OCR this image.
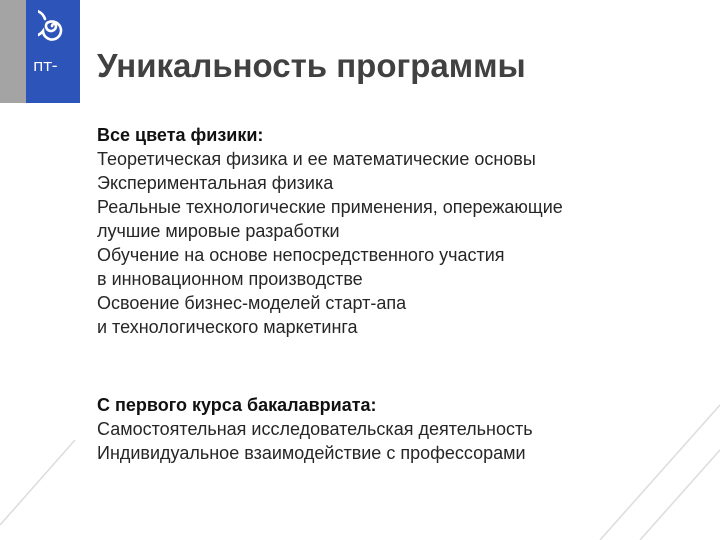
пт- Уникальность программы
Все цвета физики:
Теоретическая физика и ее математические основы
Экспериментальная физика
Реальные технологические применения, опережающие
лучшие мировые разработки
Обучение на основе непосредственного участия
в инновационном производстве
Освоение бизнес-моделей старт-апа
и технологического маркетинга
С первого курса бакалавриата:
Самостоятельная исследовательская деятельность
Индивидуальное взаимодействие с профессорами
